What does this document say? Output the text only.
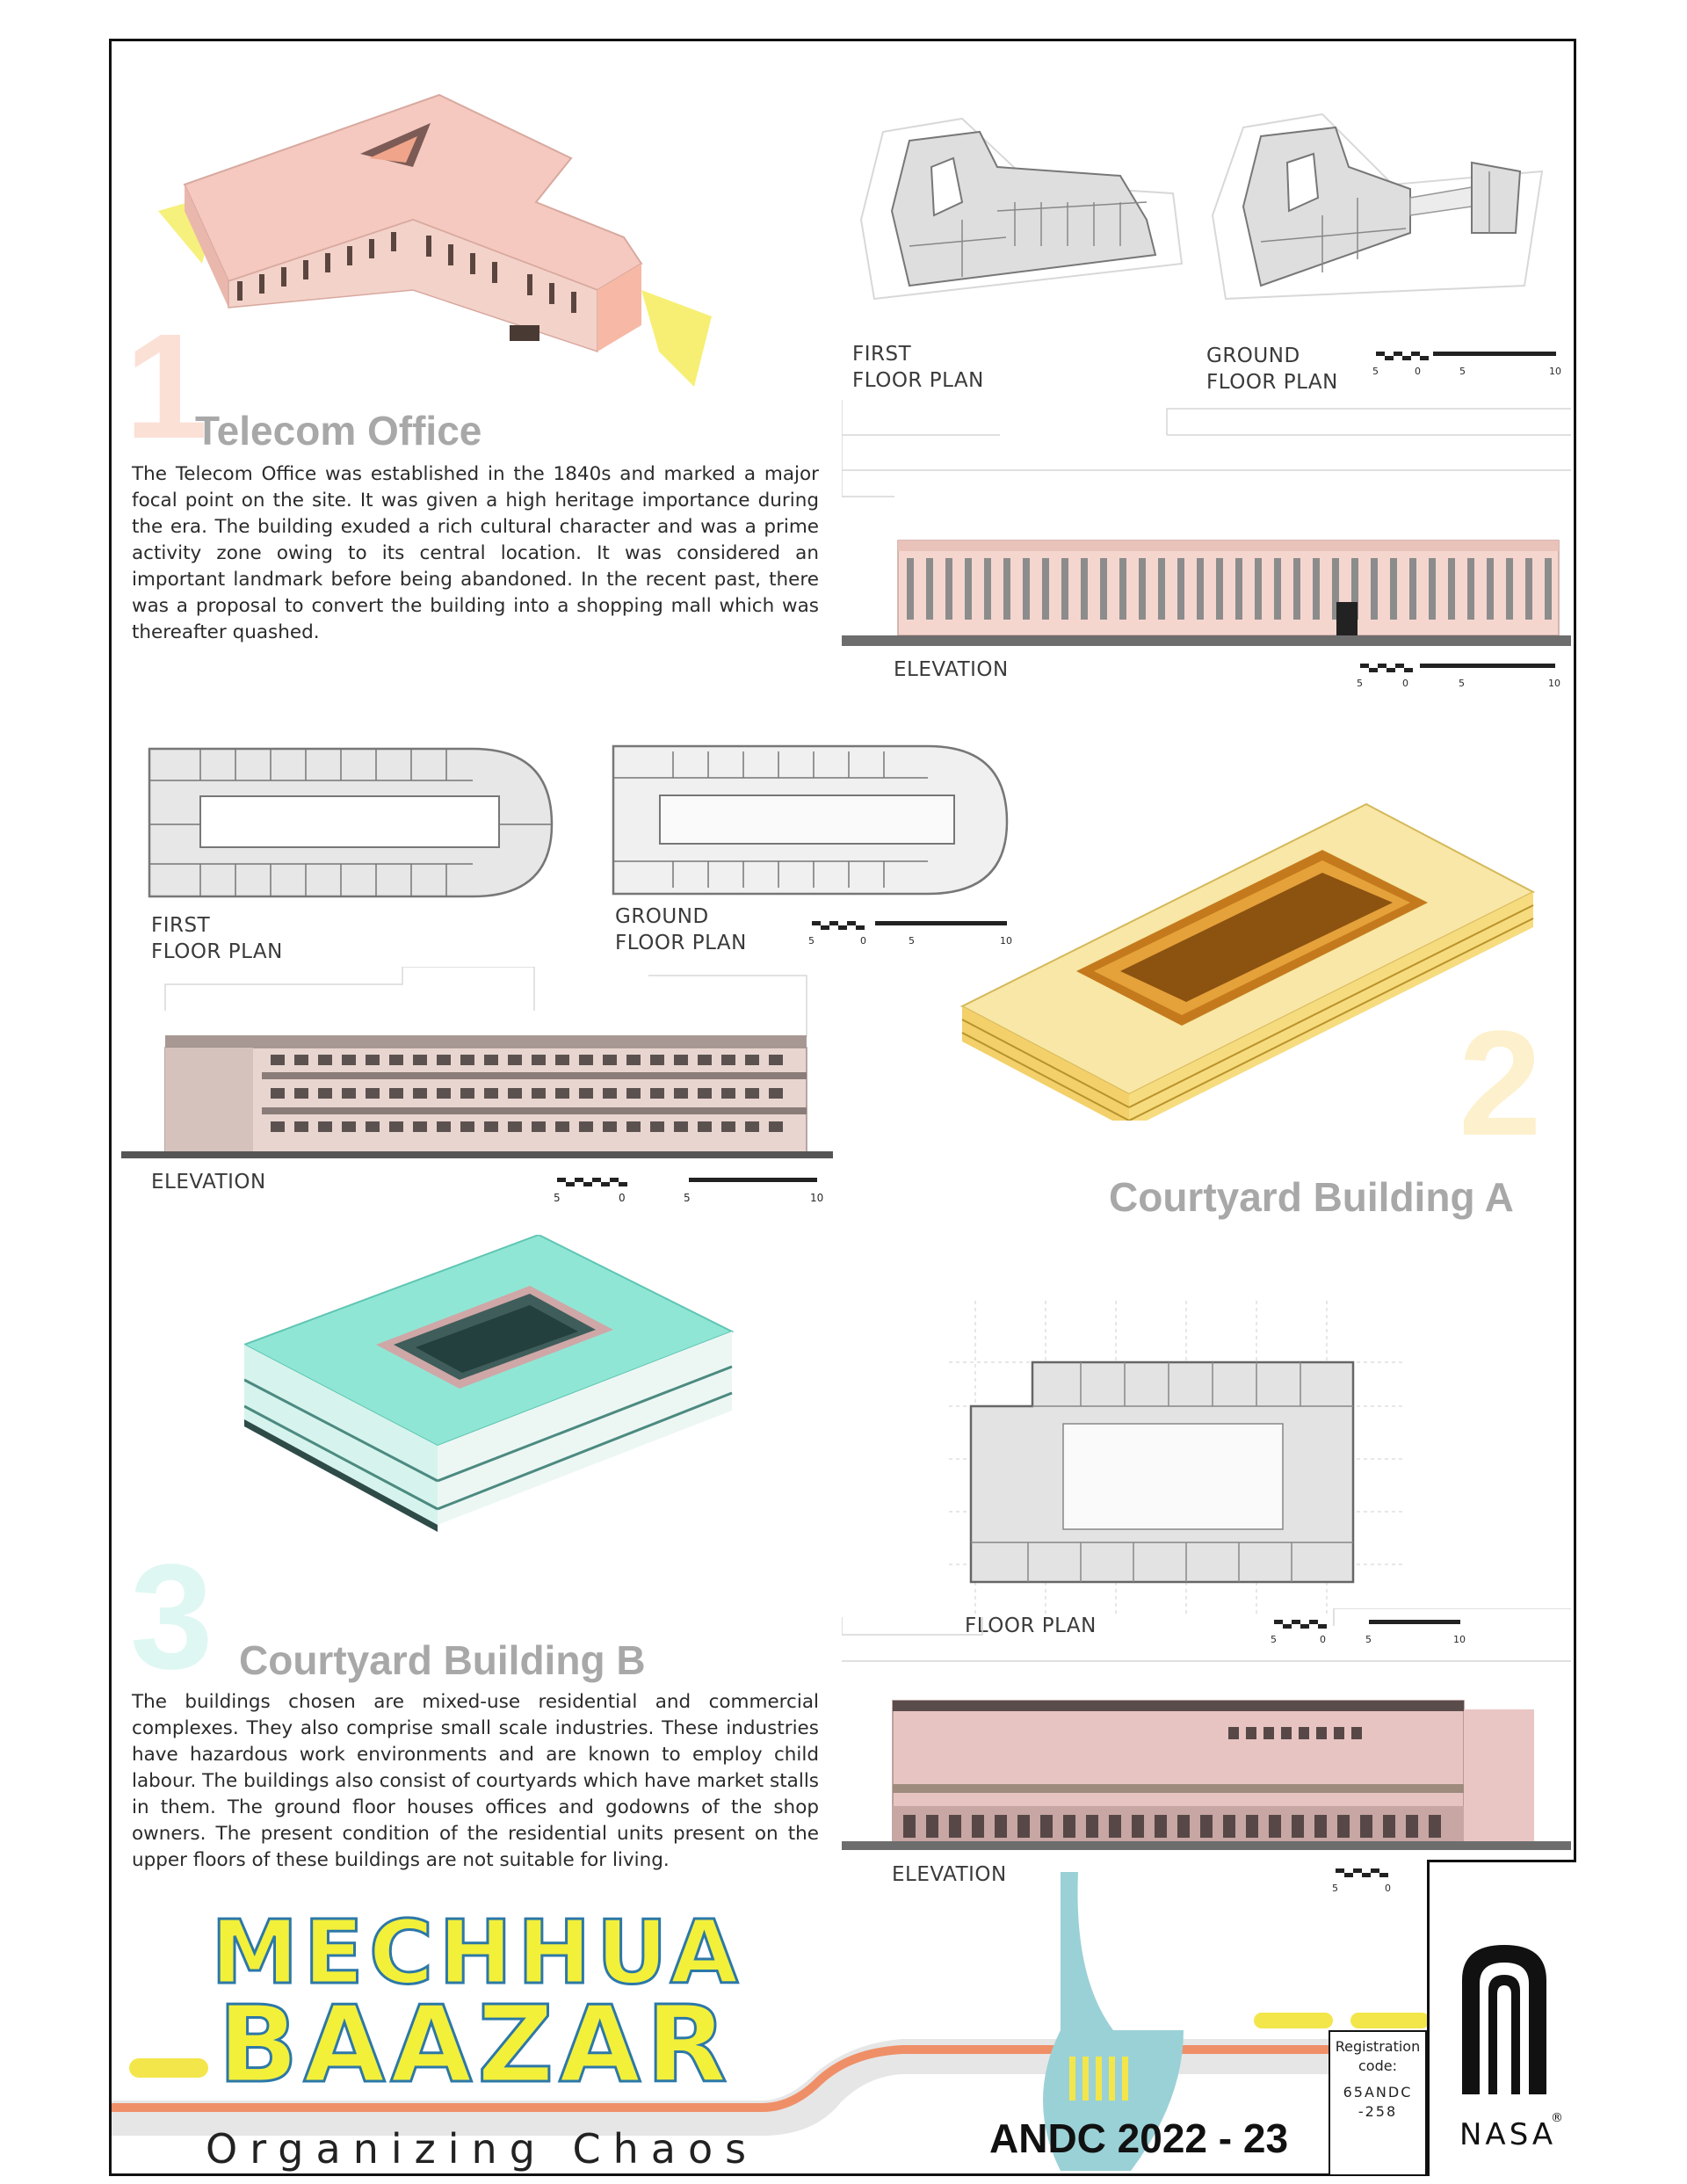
1
Telecom Office
The Telecom Office was established in the 1840s and marked a major focal point on the site. It was given a high heritage importance during the era. The building exuded a rich cultural character and was a prime activity zone owing to its central location. It was considered an important landmark before being abandoned. In the recent past, there was a proposal to convert the building into a shopping mall which was thereafter quashed.
FIRST FLOOR PLAN
GROUND FLOOR PLAN	5	0	5	10
ELEVATION
5	0	5	10
FIRST FLOOR PLAN
GROUND FLOOR PLAN	5	0	5	10
ELEVATION
5	0	5	10
2
Courtyard Building A
3 Courtyard Building B
The buildings chosen are mixed-use residential and commercial complexes. They also comprise small scale industries. These industries have hazardous work environments and are known to employ child labour. The buildings also consist of courtyards which have market stalls in them. The ground floor houses offices and godowns of the shop owners. The present condition of the residential units present on the upper floors of these buildings are not suitable for living.
FLOOR PLAN
5	0	5	10
ELEVATION
5	0
MECHHUA
BAAZAR
Organizing Chaos	ANDC 2022 - 23
Registration code:
65ANDC -258
NASA
®
